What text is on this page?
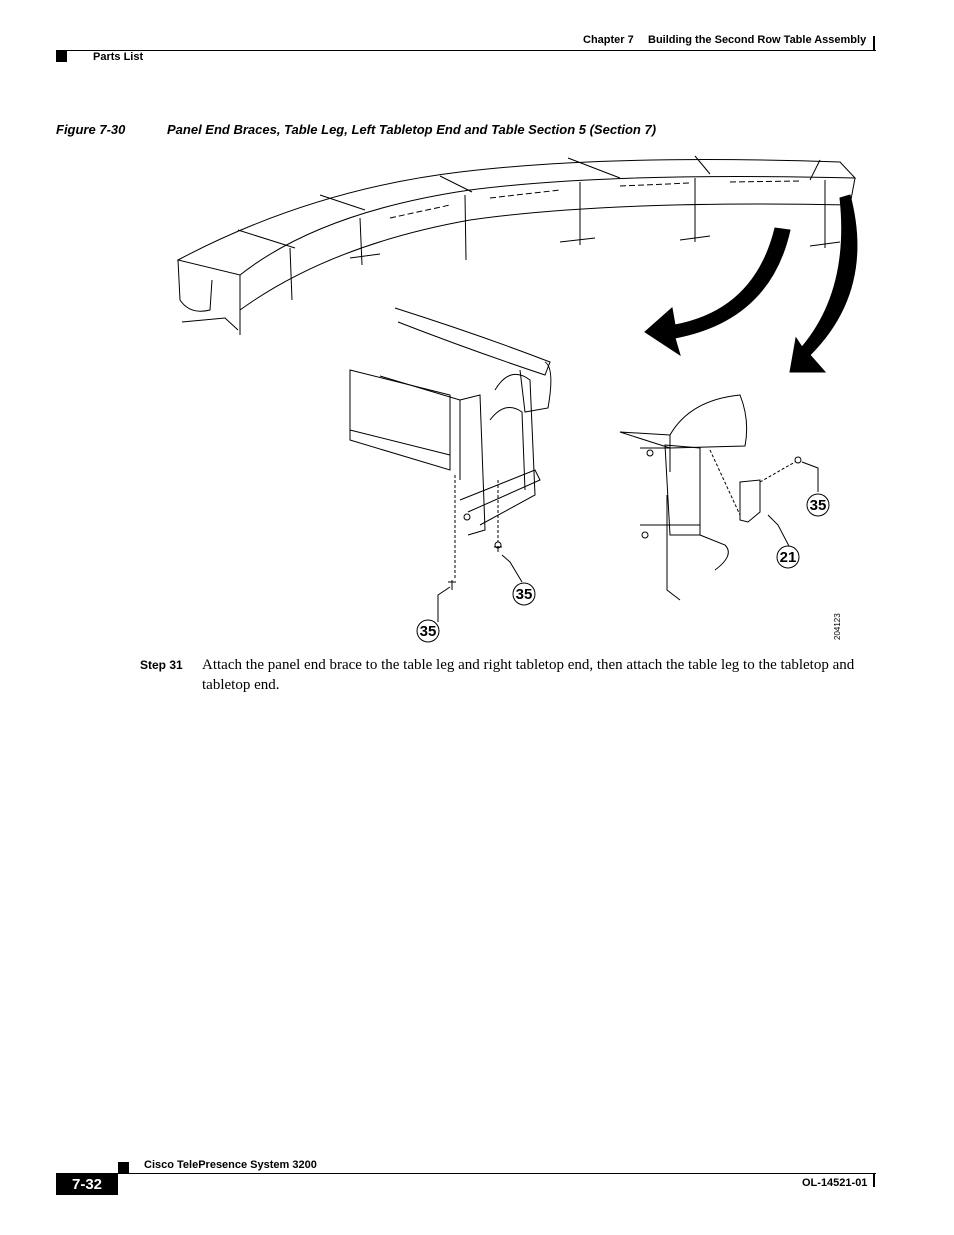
Chapter 7 Building the Second Row Table Assembly
Parts List
Figure 7-30	Panel End Braces, Table Leg, Left Tabletop End and Table Section 5 (Section 7)
35
35
21
35
204123
Step 31 Attach the panel end brace to the table leg and right tabletop end, then attach the table leg to the tabletop and tabletop end.
Cisco TelePresence System 3200
OL-14521-01
7-32
